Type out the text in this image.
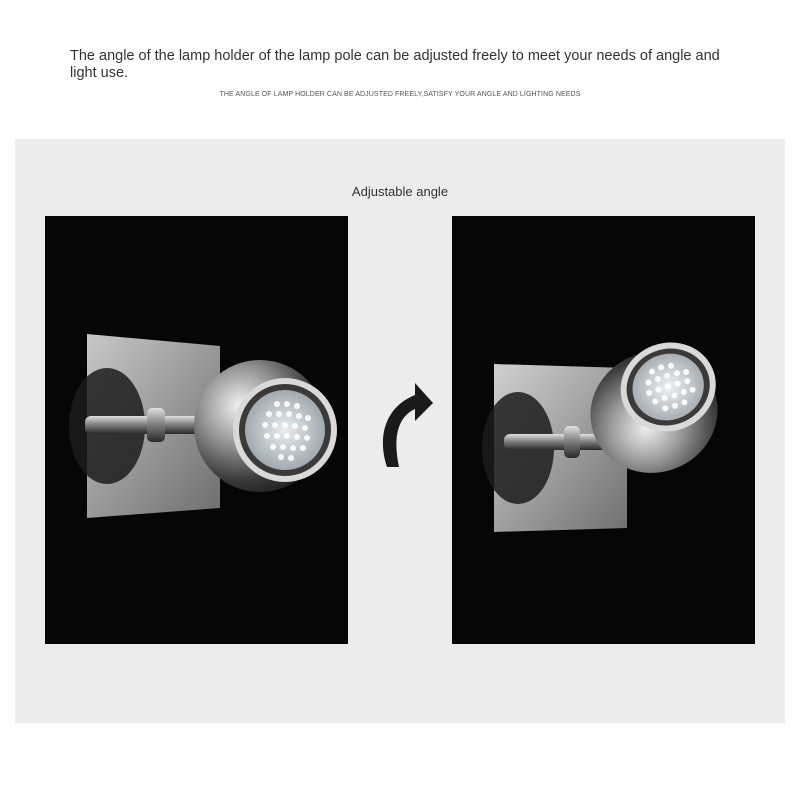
The angle of the lamp holder of the lamp pole can be adjusted freely to meet your needs of angle and light use.

THE ANGLE OF LAMP HOLDER CAN BE ADJUSTED FREELY,SATISFY YOUR ANGLE AND LIGHTING NEEDS

Adjustable angle
